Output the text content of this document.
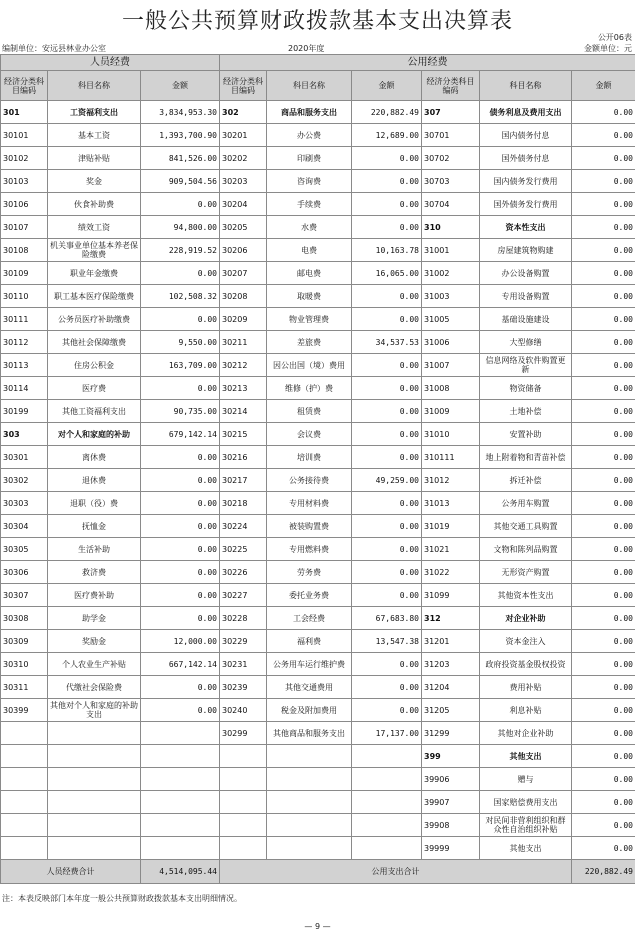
一般公共预算财政拨款基本支出决算表
公开06表
编制单位：安远县林业办公室	2020年度	金额单位：元
人员经费			公用经费					
经济分类科目编码	科目名称	金额	经济分类科目编码	科目名称	金额	经济分类科目编码	科目名称	金额
301	工资福利支出	3,834,953.30	302	商品和服务支出	220,882.49	307	债务利息及费用支出	0.00
30101	基本工资	1,393,700.90	30201	办公费	12,689.00	30701	国内债务付息	0.00
30102	津贴补贴	841,526.00	30202	印刷费	0.00	30702	国外债务付息	0.00
30103	奖金	909,504.56	30203	咨询费	0.00	30703	国内债务发行费用	0.00
30106	伙食补助费	0.00	30204	手续费	0.00	30704	国外债务发行费用	0.00
30107	绩效工资	94,800.00	30205	水费	0.00	310	资本性支出	0.00
30108	机关事业单位基本养老保险缴费	228,919.52	30206	电费	10,163.78	31001	房屋建筑物购建	0.00
30109	职业年金缴费	0.00	30207	邮电费	16,065.00	31002	办公设备购置	0.00
30110	职工基本医疗保险缴费	102,508.32	30208	取暖费	0.00	31003	专用设备购置	0.00
30111	公务员医疗补助缴费	0.00	30209	物业管理费	0.00	31005	基础设施建设	0.00
30112	其他社会保障缴费	9,550.00	30211	差旅费	34,537.53	31006	大型修缮	0.00
30113	住房公积金	163,709.00	30212	因公出国（境）费用	0.00	31007	信息网络及软件购置更新	0.00
30114	医疗费	0.00	30213	维修（护）费	0.00	31008	物资储备	0.00
30199	其他工资福利支出	90,735.00	30214	租赁费	0.00	31009	土地补偿	0.00
303	对个人和家庭的补助	679,142.14	30215	会议费	0.00	31010	安置补助	0.00
30301	离休费	0.00	30216	培训费	0.00	310111	地上附着物和青苗补偿	0.00
30302	退休费	0.00	30217	公务接待费	49,259.00	31012	拆迁补偿	0.00
30303	退职（役）费	0.00	30218	专用材料费	0.00	31013	公务用车购置	0.00
30304	抚恤金	0.00	30224	被装购置费	0.00	31019	其他交通工具购置	0.00
30305	生活补助	0.00	30225	专用燃料费	0.00	31021	文物和陈列品购置	0.00
30306	救济费	0.00	30226	劳务费	0.00	31022	无形资产购置	0.00
30307	医疗费补助	0.00	30227	委托业务费	0.00	31099	其他资本性支出	0.00
30308	助学金	0.00	30228	工会经费	67,683.80	312	对企业补助	0.00
30309	奖励金	12,000.00	30229	福利费	13,547.38	31201	资本金注入	0.00
30310	个人农业生产补贴	667,142.14	30231	公务用车运行维护费	0.00	31203	政府投资基金股权投资	0.00
30311	代缴社会保险费	0.00	30239	其他交通费用	0.00	31204	费用补贴	0.00
30399	其他对个人和家庭的补助支出	0.00	30240	税金及附加费用	0.00	31205	利息补贴	0.00
			30299	其他商品和服务支出	17,137.00	31299	其他对企业补助	0.00
						399	其他支出	0.00
						39906	赠与	0.00
						39907	国家赔偿费用支出	0.00
						39908	对民间非营利组织和群众性自治组织补贴	0.00
						39999	其他支出	0.00
人员经费合计		4,514,095.44	公用支出合计					220,882.49
注：本表反映部门本年度一般公共预算财政拨款基本支出明细情况。
— 9 —
